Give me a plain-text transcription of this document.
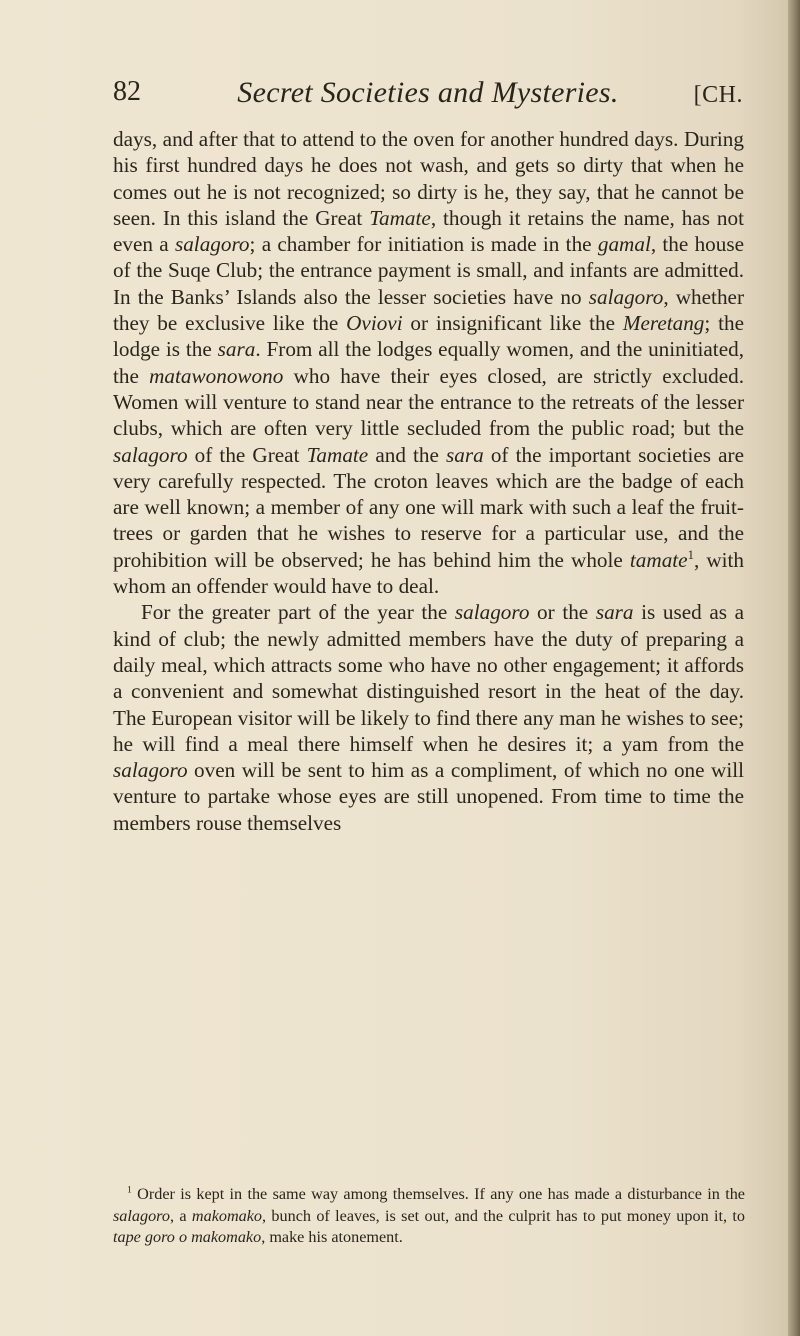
82	Secret Societies and Mysteries.	[CH.

days, and after that to attend to the oven for another hundred days. During his first hundred days he does not wash, and gets so dirty that when he comes out he is not recognized; so dirty is he, they say, that he cannot be seen. In this island the Great Tamate, though it retains the name, has not even a salagoro; a chamber for initiation is made in the gamal, the house of the Suqe Club; the entrance payment is small, and infants are admitted. In the Banks’ Islands also the lesser societies have no salagoro, whether they be exclusive like the Oviovi or insignificant like the Meretang; the lodge is the sara. From all the lodges equally women, and the uninitiated, the matawonowono who have their eyes closed, are strictly excluded. Women will venture to stand near the entrance to the retreats of the lesser clubs, which are often very little secluded from the public road; but the salagoro of the Great Tamate and the sara of the important societies are very carefully respected. The croton leaves which are the badge of each are well known; a member of any one will mark with such a leaf the fruit-trees or garden that he wishes to reserve for a particular use, and the prohibition will be observed; he has behind him the whole tamate$^1$, with whom an offender would have to deal.

For the greater part of the year the salagoro or the sara is used as a kind of club; the newly admitted members have the duty of preparing a daily meal, which attracts some who have no other engagement; it affords a convenient and somewhat distinguished resort in the heat of the day. The European visitor will be likely to find there any man he wishes to see; he will find a meal there himself when he desires it; a yam from the salagoro oven will be sent to him as a compliment, of which no one will venture to partake whose eyes are still unopened. From time to time the members rouse themselves

$^1$ Order is kept in the same way among themselves. If any one has made a disturbance in the salagoro, a makomako, bunch of leaves, is set out, and the culprit has to put money upon it, to tape goro o makomako, make his atonement.
